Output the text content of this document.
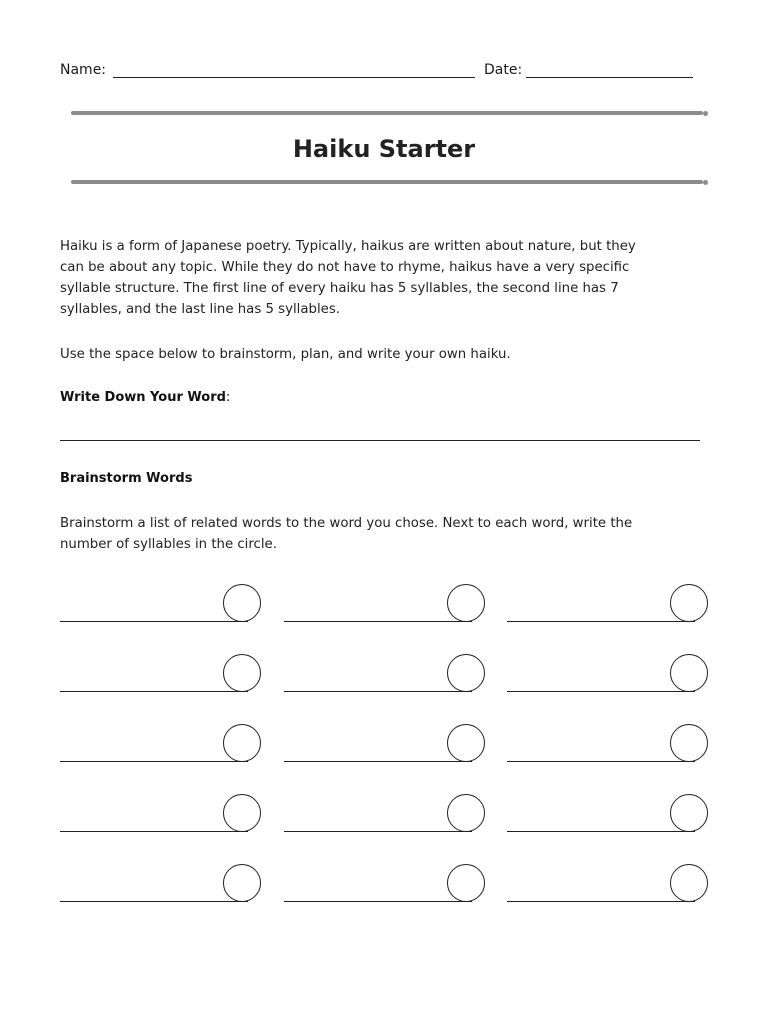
Name:	Date:
Haiku Starter
Haiku is a form of Japanese poetry. Typically, haikus are written about nature, but they
can be about any topic. While they do not have to rhyme, haikus have a very specific
syllable structure. The first line of every haiku has 5 syllables, the second line has 7
syllables, and the last line has 5 syllables.
Use the space below to brainstorm, plan, and write your own haiku.
Write Down Your Word:
Brainstorm Words
Brainstorm a list of related words to the word you chose. Next to each word, write the
number of syllables in the circle.
